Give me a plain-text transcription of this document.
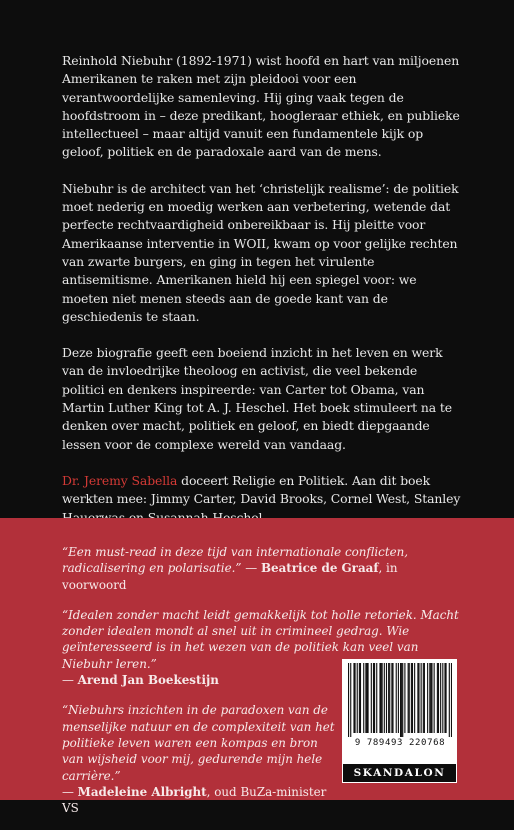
Reinhold Niebuhr (1892-1971) wist hoofd en hart van miljoenen Amerikanen te raken met zijn pleidooi voor een verantwoordelijke samenleving. Hij ging vaak tegen de hoofdstroom in – deze predikant, hoogleraar ethiek, en publieke intellectueel – maar altijd vanuit een fundamentele kijk op geloof, politiek en de paradoxale aard van de mens.

Niebuhr is de architect van het ‘christelijk realisme’: de politiek moet nederig en moedig werken aan verbetering, wetende dat perfecte rechtvaardigheid onbereikbaar is. Hij pleitte voor Amerikaanse interventie in WOII, kwam op voor gelijke rechten van zwarte burgers, en ging in tegen het virulente antisemitisme. Amerikanen hield hij een spiegel voor: we moeten niet menen steeds aan de goede kant van de geschiedenis te staan.

Deze biografie geeft een boeiend inzicht in het leven en werk van de invloedrijke theoloog en activist, die veel bekende politici en denkers inspireerde: van Carter tot Obama, van Martin Luther King tot A. J. Heschel. Het boek stimuleert na te denken over macht, politiek en geloof, en biedt diepgaande lessen voor de complexe wereld van vandaag.

Dr. Jeremy Sabella doceert Religie en Politiek. Aan dit boek werkten mee: Jimmy Carter, David Brooks, Cornel West, Stanley

“Een must-read in deze tijd van internationale conflicten, radicalisering en polarisatie.” — Beatrice de Graaf, in voorwoord
“Idealen zonder macht leidt gemakkelijk tot holle retoriek. Macht zonder idealen mondt al snel uit in crimineel gedrag. Wie geïnteresseerd is in het wezen van de politiek kan veel van Niebuhr leren.”
— Arend Jan Boekestijn
“Niebuhrs inzichten in de paradoxen van de menselijke natuur en de complexiteit van het politieke leven waren een kompas en bron van wijsheid voor mij, gedurende mijn hele carrière.”
— Madeleine Albright, oud BuZa-minister VS
9 789493 220768
SKANDALON
